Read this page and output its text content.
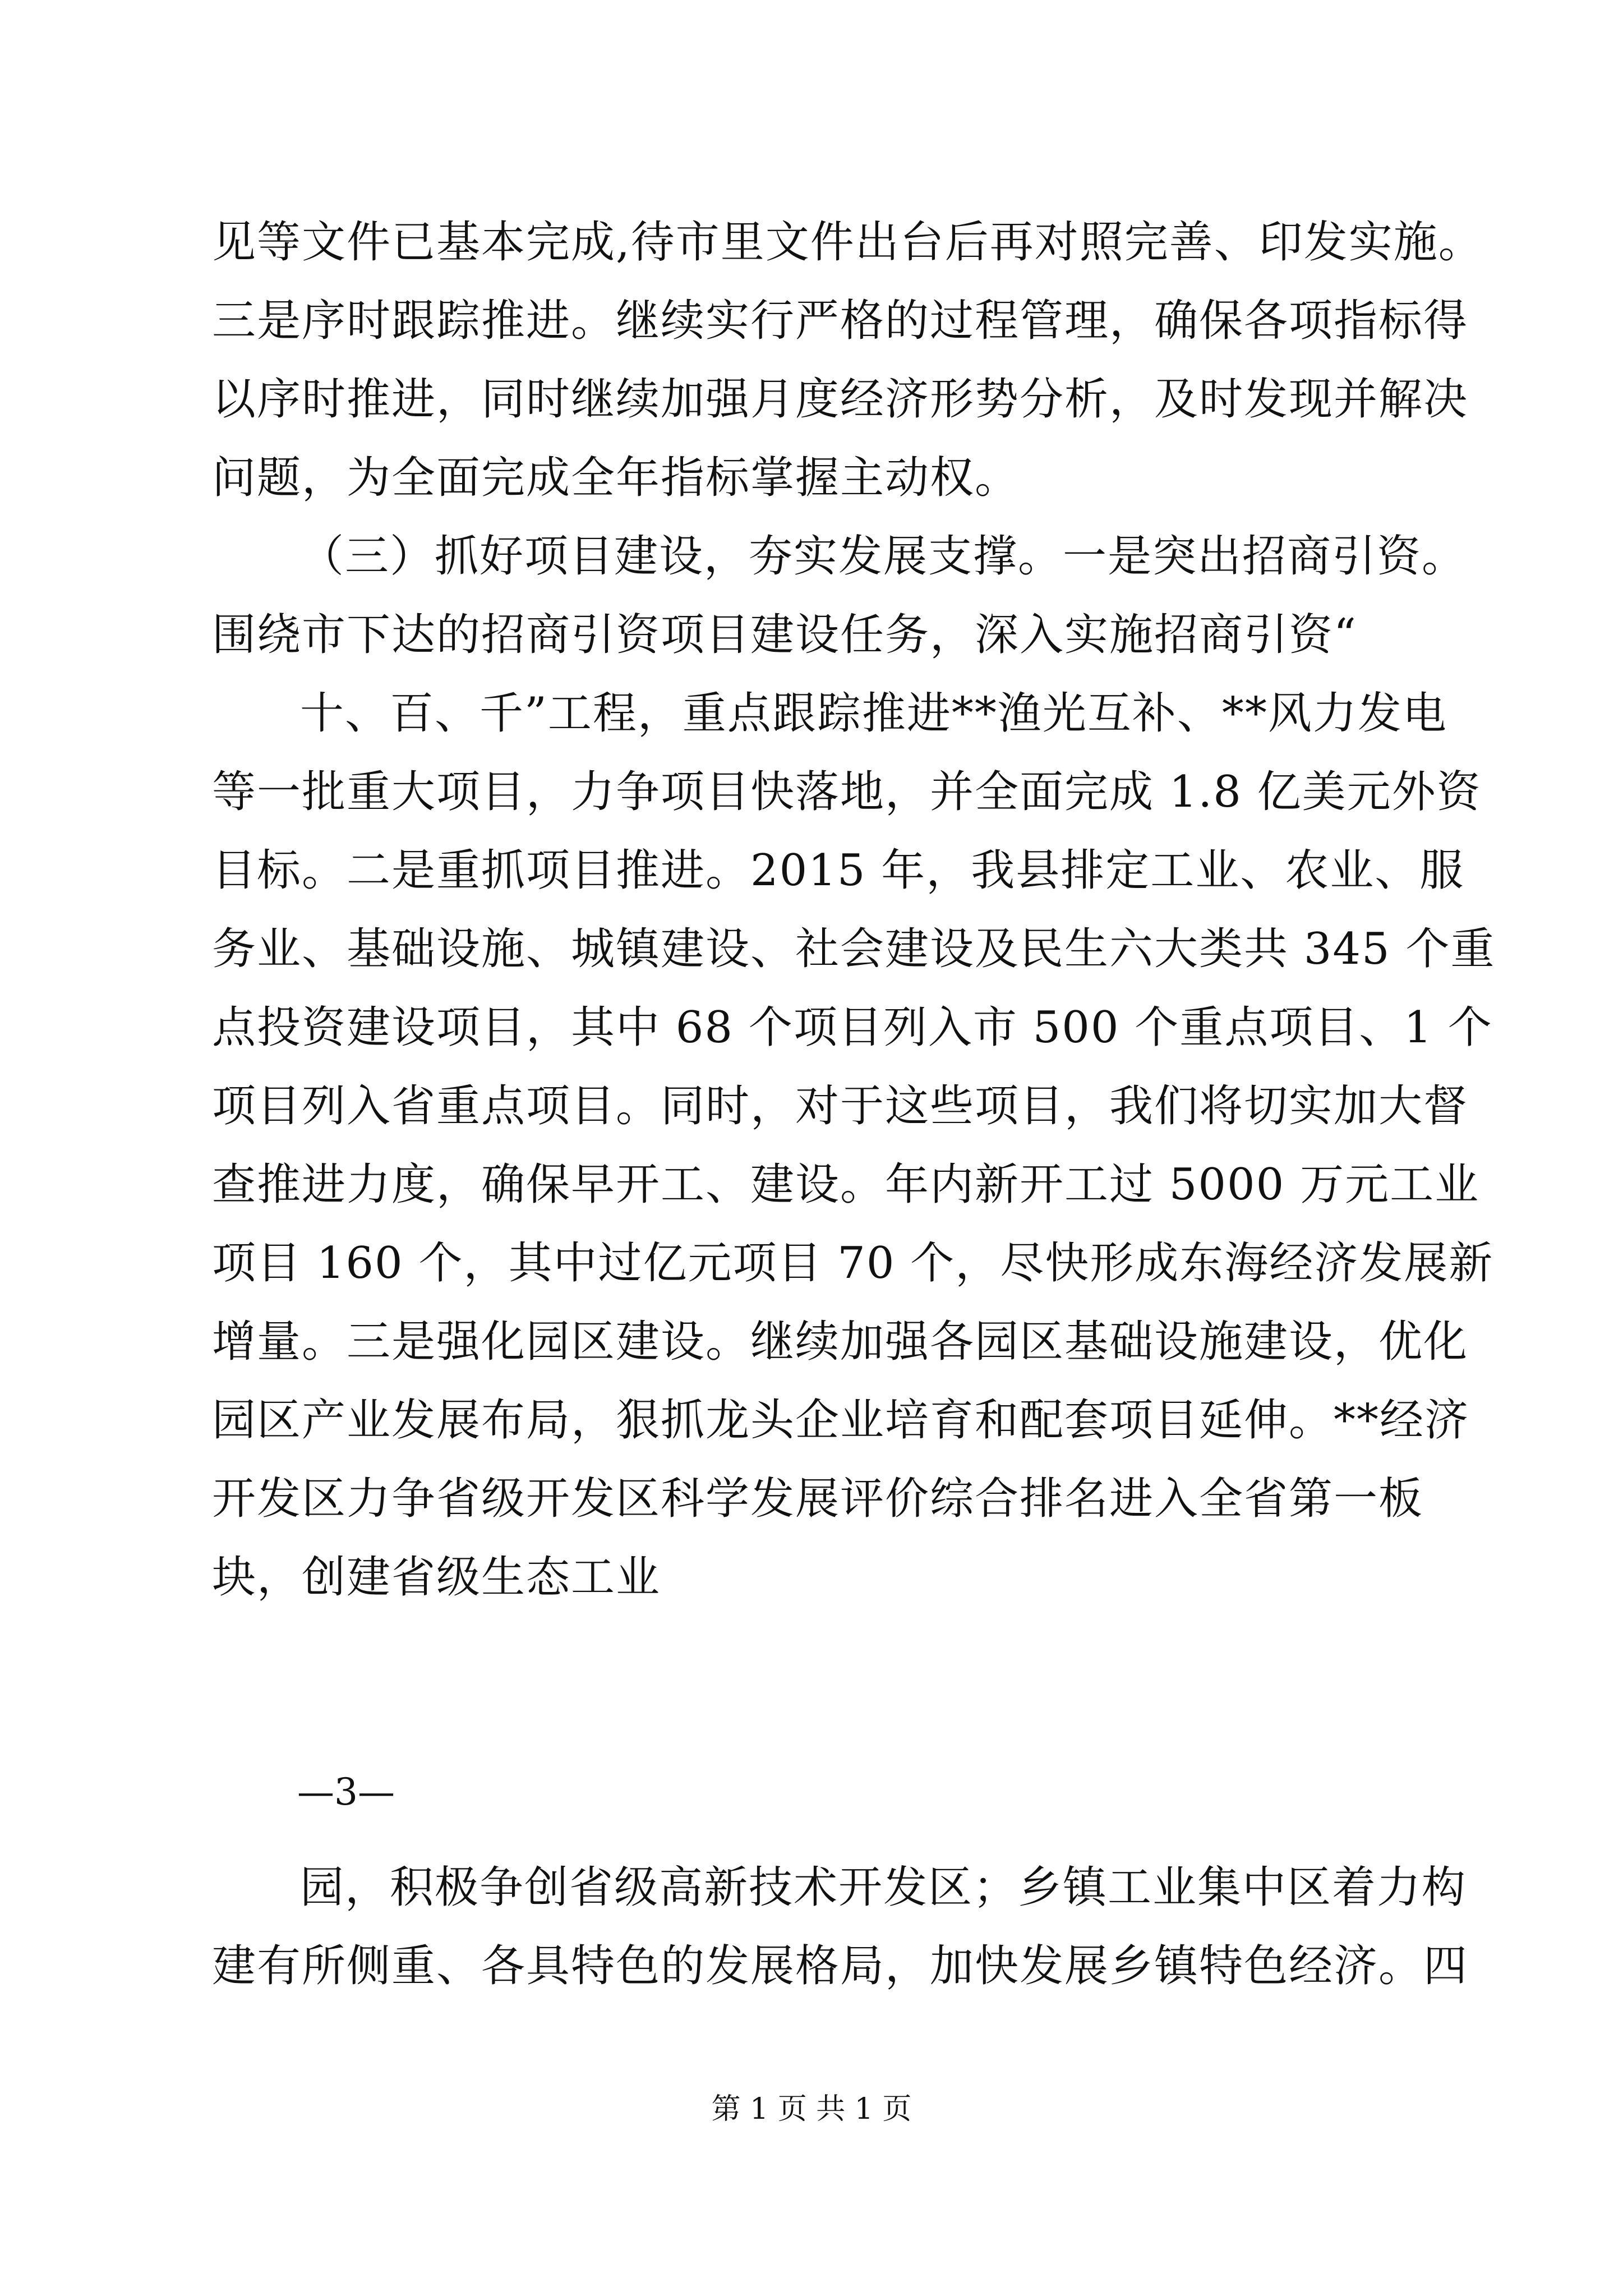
见等文件已基本完成,待市里文件出台后再对照完善、印发实施。
三是序时跟踪推进。继续实行严格的过程管理，确保各项指标得
以序时推进，同时继续加强月度经济形势分析，及时发现并解决
问题，为全面完成全年指标掌握主动权。
（三）抓好项目建设，夯实发展支撑。一是突出招商引资。
围绕市下达的招商引资项目建设任务，深入实施招商引资“
十、百、千”工程，重点跟踪推进**渔光互补、**风力发电
等一批重大项目，力争项目快落地，并全面完成 1.8 亿美元外资
目标。二是重抓项目推进。2015 年，我县排定工业、农业、服
务业、基础设施、城镇建设、社会建设及民生六大类共 345 个重
点投资建设项目，其中 68 个项目列入市 500 个重点项目、1 个
项目列入省重点项目。同时，对于这些项目，我们将切实加大督
查推进力度，确保早开工、建设。年内新开工过 5000 万元工业
项目 160 个，其中过亿元项目 70 个，尽快形成东海经济发展新
增量。三是强化园区建设。继续加强各园区基础设施建设，优化
园区产业发展布局，狠抓龙头企业培育和配套项目延伸。**经济
开发区力争省级开发区科学发展评价综合排名进入全省第一板
块，创建省级生态工业
—3—
园，积极争创省级高新技术开发区；乡镇工业集中区着力构
建有所侧重、各具特色的发展格局，加快发展乡镇特色经济。四
第 1 页 共 1 页
